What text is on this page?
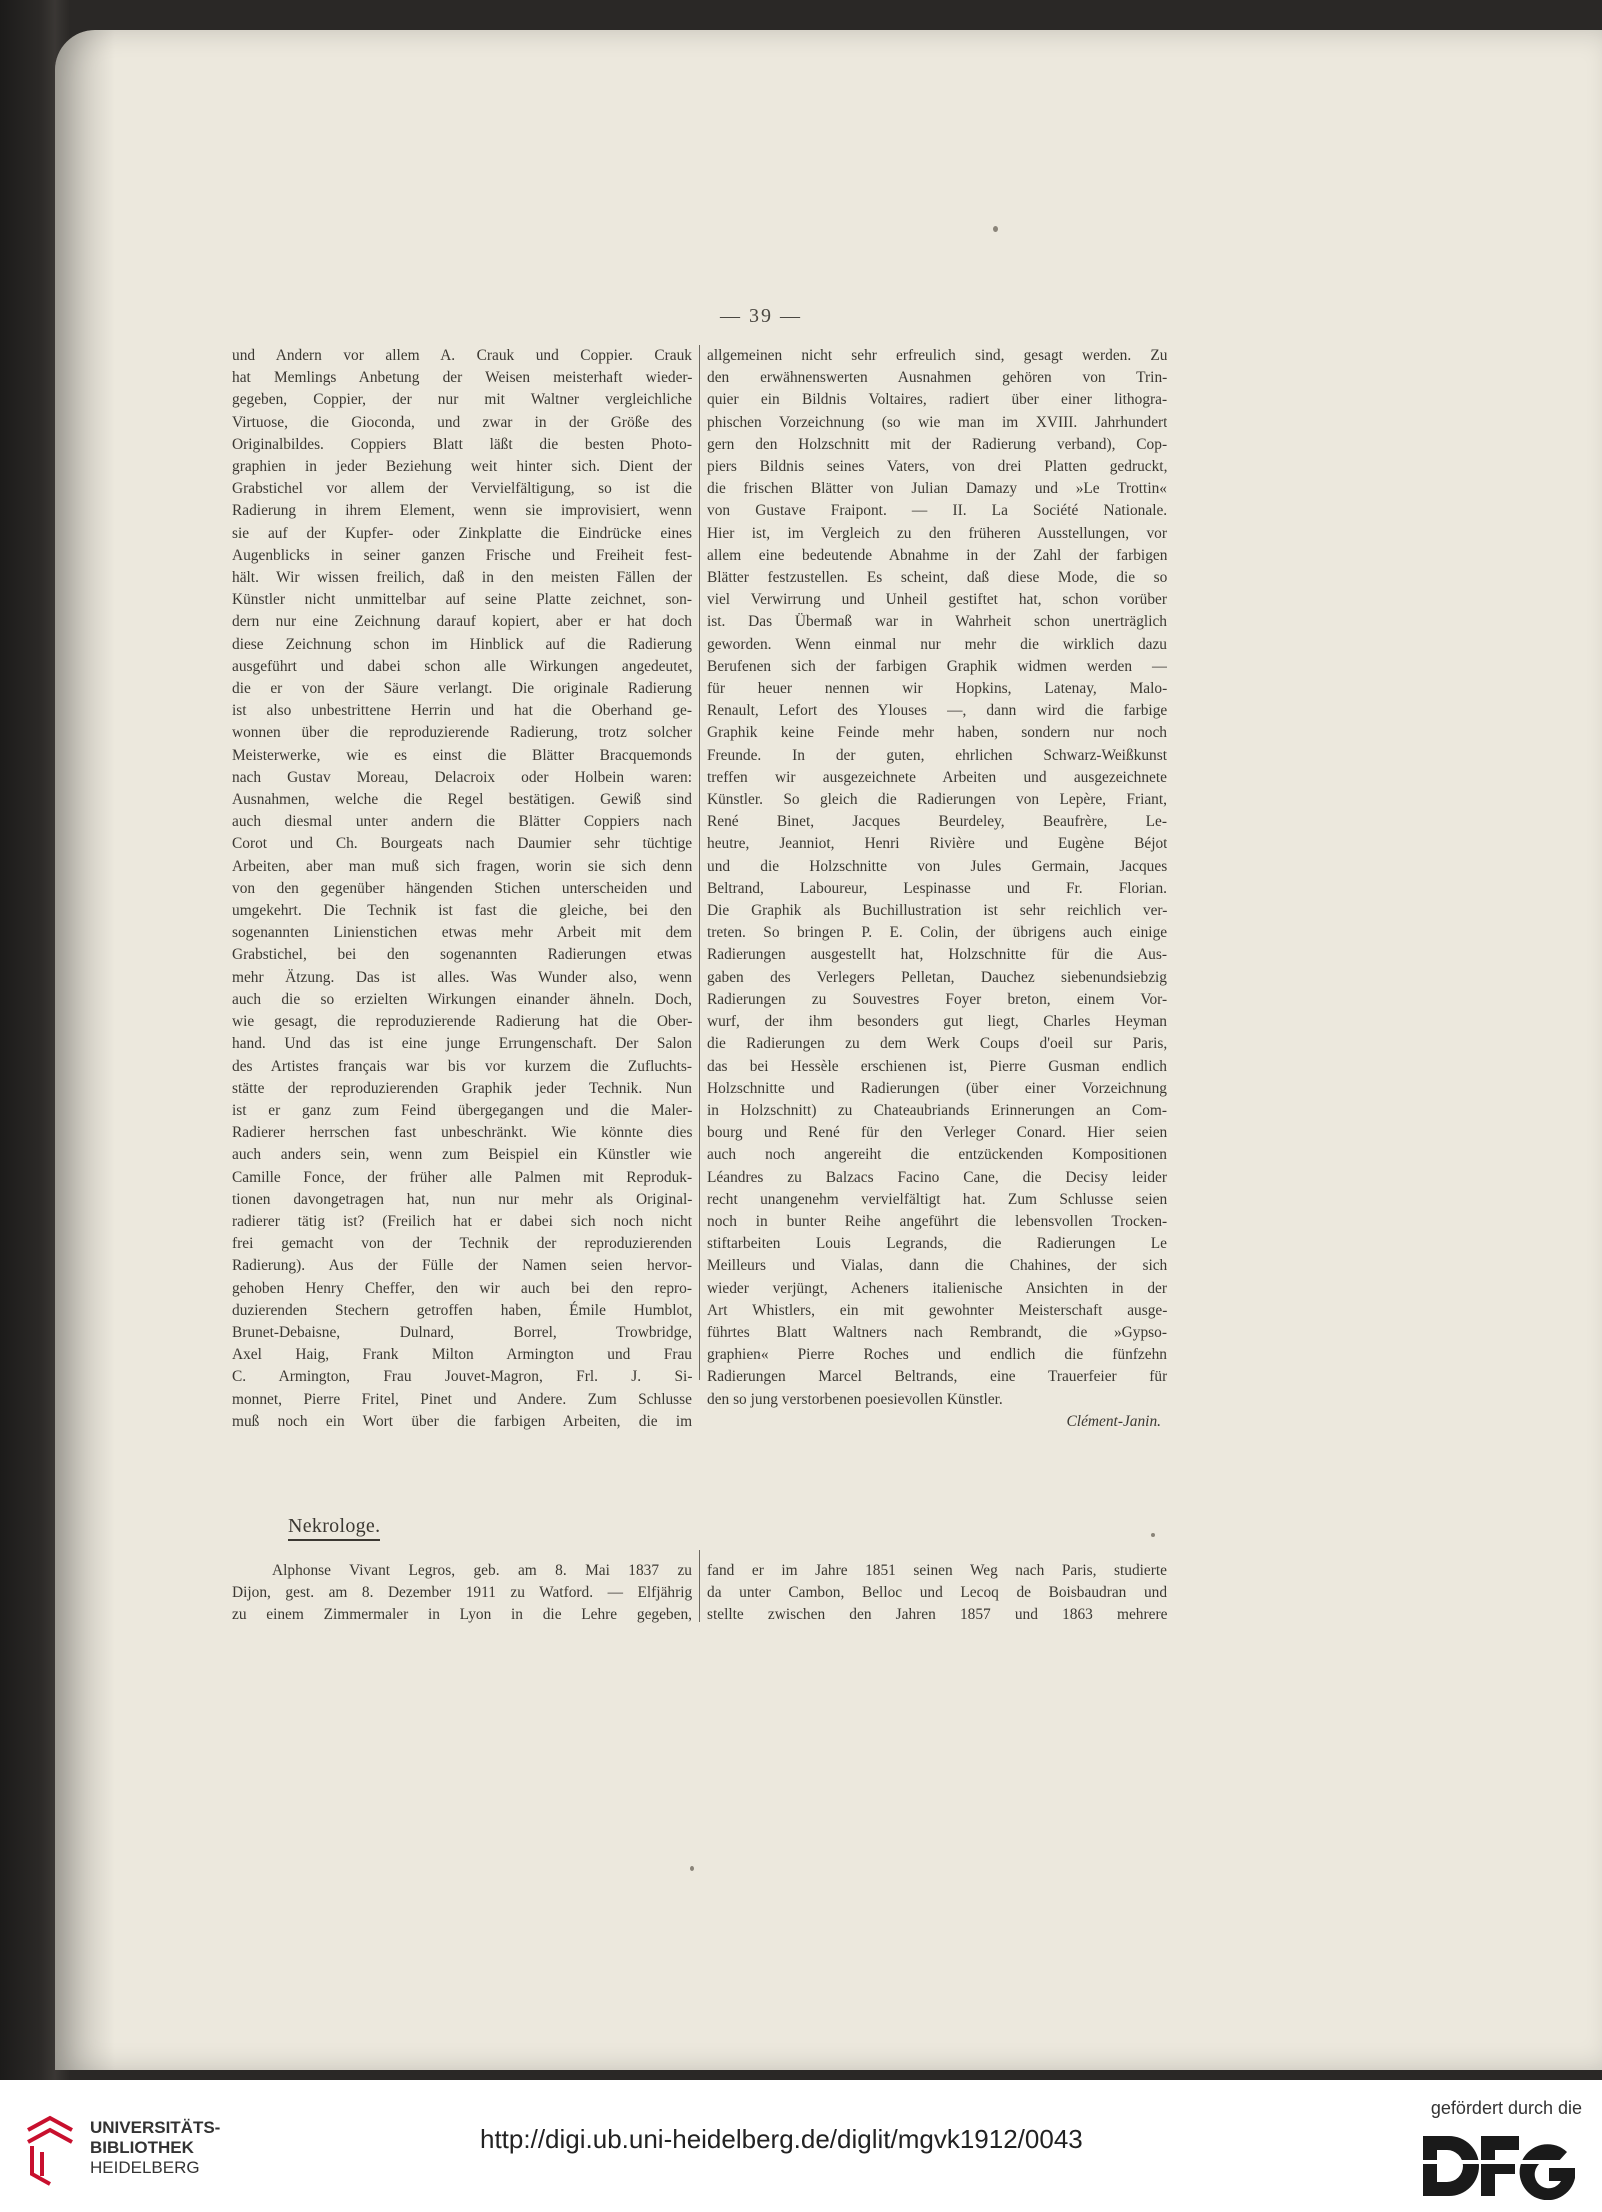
— 39 —
und Andern vor allem A. Crauk und Coppier. Crauk
hat Memlings Anbetung der Weisen meisterhaft wieder-
gegeben, Coppier, der nur mit Waltner vergleichliche
Virtuose, die Gioconda, und zwar in der Größe des
Originalbildes. Coppiers Blatt läßt die besten Photo-
graphien in jeder Beziehung weit hinter sich. Dient der
Grabstichel vor allem der Vervielfältigung, so ist die
Radierung in ihrem Element, wenn sie improvisiert, wenn
sie auf der Kupfer- oder Zinkplatte die Eindrücke eines
Augenblicks in seiner ganzen Frische und Freiheit fest-
hält. Wir wissen freilich, daß in den meisten Fällen der
Künstler nicht unmittelbar auf seine Platte zeichnet, son-
dern nur eine Zeichnung darauf kopiert, aber er hat doch
diese Zeichnung schon im Hinblick auf die Radierung
ausgeführt und dabei schon alle Wirkungen angedeutet,
die er von der Säure verlangt. Die originale Radierung
ist also unbestrittene Herrin und hat die Oberhand ge-
wonnen über die reproduzierende Radierung, trotz solcher
Meisterwerke, wie es einst die Blätter Bracquemonds
nach Gustav Moreau, Delacroix oder Holbein waren:
Ausnahmen, welche die Regel bestätigen. Gewiß sind
auch diesmal unter andern die Blätter Coppiers nach
Corot und Ch. Bourgeats nach Daumier sehr tüchtige
Arbeiten, aber man muß sich fragen, worin sie sich denn
von den gegenüber hängenden Stichen unterscheiden und
umgekehrt. Die Technik ist fast die gleiche, bei den
sogenannten Linienstichen etwas mehr Arbeit mit dem
Grabstichel, bei den sogenannten Radierungen etwas
mehr Ätzung. Das ist alles. Was Wunder also, wenn
auch die so erzielten Wirkungen einander ähneln. Doch,
wie gesagt, die reproduzierende Radierung hat die Ober-
hand. Und das ist eine junge Errungenschaft. Der Salon
des Artistes français war bis vor kurzem die Zufluchts-
stätte der reproduzierenden Graphik jeder Technik. Nun
ist er ganz zum Feind übergegangen und die Maler-
Radierer herrschen fast unbeschränkt. Wie könnte dies
auch anders sein, wenn zum Beispiel ein Künstler wie
Camille Fonce, der früher alle Palmen mit Reproduk-
tionen davongetragen hat, nun nur mehr als Original-
radierer tätig ist? (Freilich hat er dabei sich noch nicht
frei gemacht von der Technik der reproduzierenden
Radierung). Aus der Fülle der Namen seien hervor-
gehoben Henry Cheffer, den wir auch bei den repro-
duzierenden Stechern getroffen haben, Émile Humblot,
Brunet-Debaisne, Dulnard, Borrel, Trowbridge,
Axel Haig, Frank Milton Armington und Frau
C. Armington, Frau Jouvet-Magron, Frl. J. Si-
monnet, Pierre Fritel, Pinet und Andere. Zum Schlusse
muß noch ein Wort über die farbigen Arbeiten, die im
allgemeinen nicht sehr erfreulich sind, gesagt werden. Zu
den erwähnenswerten Ausnahmen gehören von Trin-
quier ein Bildnis Voltaires, radiert über einer lithogra-
phischen Vorzeichnung (so wie man im XVIII. Jahrhundert
gern den Holzschnitt mit der Radierung verband), Cop-
piers Bildnis seines Vaters, von drei Platten gedruckt,
die frischen Blätter von Julian Damazy und »Le Trottin«
von Gustave Fraipont. — II. La Société Nationale.
Hier ist, im Vergleich zu den früheren Ausstellungen, vor
allem eine bedeutende Abnahme in der Zahl der farbigen
Blätter festzustellen. Es scheint, daß diese Mode, die so
viel Verwirrung und Unheil gestiftet hat, schon vorüber
ist. Das Übermaß war in Wahrheit schon unerträglich
geworden. Wenn einmal nur mehr die wirklich dazu
Berufenen sich der farbigen Graphik widmen werden —
für heuer nennen wir Hopkins, Latenay, Malo-
Renault, Lefort des Ylouses —, dann wird die farbige
Graphik keine Feinde mehr haben, sondern nur noch
Freunde. In der guten, ehrlichen Schwarz-Weißkunst
treffen wir ausgezeichnete Arbeiten und ausgezeichnete
Künstler. So gleich die Radierungen von Lepère, Friant,
René Binet, Jacques Beurdeley, Beaufrère, Le-
heutre, Jeanniot, Henri Rivière und Eugène Béjot
und die Holzschnitte von Jules Germain, Jacques
Beltrand, Laboureur, Lespinasse und Fr. Florian.
Die Graphik als Buchillustration ist sehr reichlich ver-
treten. So bringen P. E. Colin, der übrigens auch einige
Radierungen ausgestellt hat, Holzschnitte für die Aus-
gaben des Verlegers Pelletan, Dauchez siebenundsiebzig
Radierungen zu Souvestres Foyer breton, einem Vor-
wurf, der ihm besonders gut liegt, Charles Heyman
die Radierungen zu dem Werk Coups d'oeil sur Paris,
das bei Hessèle erschienen ist, Pierre Gusman endlich
Holzschnitte und Radierungen (über einer Vorzeichnung
in Holzschnitt) zu Chateaubriands Erinnerungen an Com-
bourg und René für den Verleger Conard. Hier seien
auch noch angereiht die entzückenden Kompositionen
Léandres zu Balzacs Facino Cane, die Decisy leider
recht unangenehm vervielfältigt hat. Zum Schlusse seien
noch in bunter Reihe angeführt die lebensvollen Trocken-
stiftarbeiten Louis Legrands, die Radierungen Le
Meilleurs und Vialas, dann die Chahines, der sich
wieder verjüngt, Acheners italienische Ansichten in der
Art Whistlers, ein mit gewohnter Meisterschaft ausge-
führtes Blatt Waltners nach Rembrandt, die »Gypso-
graphien« Pierre Roches und endlich die fünfzehn
Radierungen Marcel Beltrands, eine Trauerfeier für
den so jung verstorbenen poesievollen Künstler.
Clément-Janin.
Nekrologe.
Alphonse Vivant Legros, geb. am 8. Mai 1837 zu
Dijon, gest. am 8. Dezember 1911 zu Watford. — Elfjährig
zu einem Zimmermaler in Lyon in die Lehre gegeben,
fand er im Jahre 1851 seinen Weg nach Paris, studierte
da unter Cambon, Belloc und Lecoq de Boisbaudran und
stellte zwischen den Jahren 1857 und 1863 mehrere
UNIVERSITÄTS-
BIBLIOTHEK
HEIDELBERG
http://digi.ub.uni-heidelberg.de/diglit/mgvk1912/0043
gefördert durch die
